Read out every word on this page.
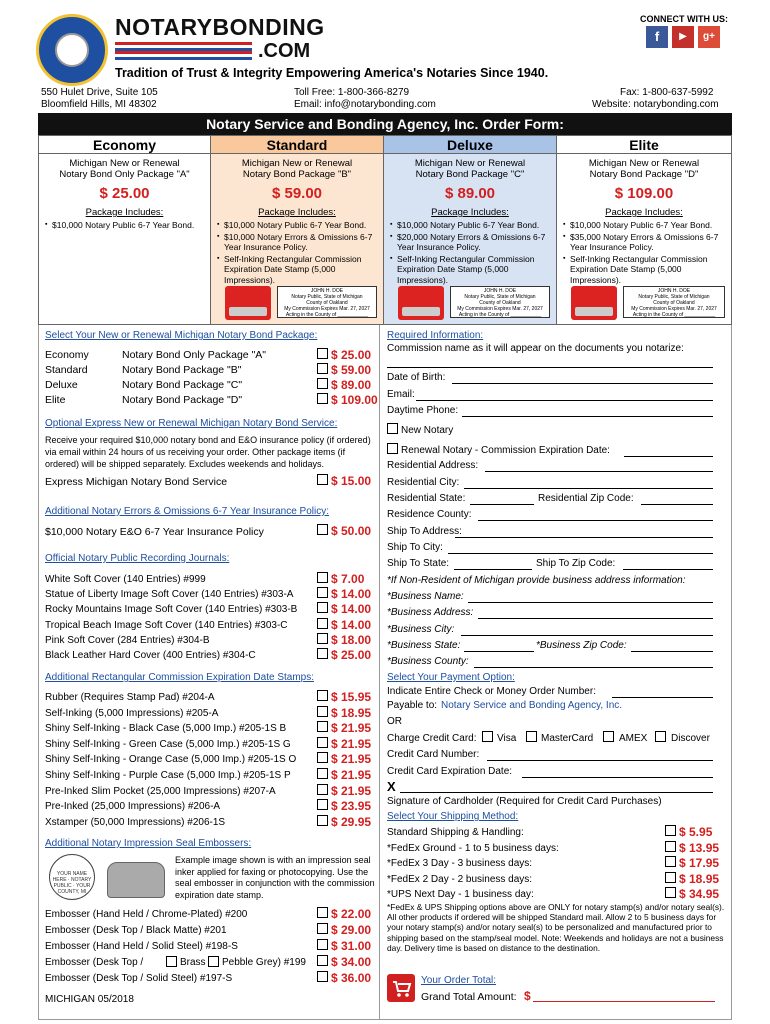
NOTARYBONDING
.COM
Tradition of Trust & Integrity Empowering America's Notaries Since 1940.
CONNECT WITH US:
f	▶	g+
550 Hulet Drive, Suite 105
Bloomfield Hills, MI 48302
Toll Free: 1-800-366-8279
Email: info@notarybonding.com
Fax: 1-800-637-5992
Website: notarybonding.com
Notary Service and Bonding Agency, Inc. Order Form:
Economy
Michigan New or Renewal
Notary Bond Only Package "A"
$ 25.00
Package Includes:
▪ $10,000 Notary Public 6-7 Year Bond.
Standard
Michigan New or Renewal
Notary Bond Package "B"
$ 59.00
Package Includes:
▪ $10,000 Notary Public 6-7 Year Bond.
▪ $10,000 Notary Errors & Omissions 6-7 Year Insurance Policy.
▪ Self-Inking Rectangular Commission Expiration Date Stamp (5,000 Impressions).
JOHN H. DOE
Notary Public, State of Michigan
County of Oakland
My Commission Expires Mar. 27, 2027
Acting in the County of ___________
Deluxe
Michigan New or Renewal
Notary Bond Package "C"
$ 89.00
Package Includes:
▪ $10,000 Notary Public 6-7 Year Bond.
▪ $20,000 Notary Errors & Omissions 6-7 Year Insurance Policy.
▪ Self-Inking Rectangular Commission Expiration Date Stamp (5,000 Impressions).
JOHN H. DOE
Notary Public, State of Michigan
County of Oakland
My Commission Expires Mar. 27, 2027
Acting in the County of ___________
Elite
Michigan New or Renewal
Notary Bond Package "D"
$ 109.00
Package Includes:
▪ $10,000 Notary Public 6-7 Year Bond.
▪ $35,000 Notary Errors & Omissions 6-7 Year Insurance Policy.
▪ Self-Inking Rectangular Commission Expiration Date Stamp (5,000 Impressions).
JOHN H. DOE
Notary Public, State of Michigan
County of Oakland
My Commission Expires Mar. 27, 2027
Acting in the County of ___________
Select Your New or Renewal Michigan Notary Bond Package:
Economy	Notary Bond Only Package "A"	$ 25.00
Standard	Notary Bond Package "B"	$ 59.00
Deluxe	Notary Bond Package "C"	$ 89.00
Elite	Notary Bond Package "D"	$ 109.00
Optional Express New or Renewal Michigan Notary Bond Service:
Receive your required $10,000 notary bond and E&O insurance policy (if ordered) via email within 24 hours of us receiving your order. Other package items (if ordered) will be shipped separately. Excludes weekends and holidays.
Express Michigan Notary Bond Service	$ 15.00
Additional Notary Errors & Omissions 6-7 Year Insurance Policy:
$10,000 Notary E&O 6-7 Year Insurance Policy	$ 50.00
Official Notary Public Recording Journals:
White Soft Cover (140 Entries) #999	$ 7.00
Statue of Liberty Image Soft Cover (140 Entries) #303-A	$ 14.00
Rocky Mountains Image Soft Cover (140 Entries) #303-B	$ 14.00
Tropical Beach Image Soft Cover (140 Entries) #303-C	$ 14.00
Pink Soft Cover (284 Entries) #304-B	$ 18.00
Black Leather Hard Cover (400 Entries) #304-C	$ 25.00
Additional Rectangular Commission Expiration Date Stamps:
Rubber (Requires Stamp Pad) #204-A	$ 15.95
Self-Inking (5,000 Impressions) #205-A	$ 18.95
Shiny Self-Inking - Black Case (5,000 Imp.) #205-1S B	$ 21.95
Shiny Self-Inking - Green Case (5,000 Imp.) #205-1S G	$ 21.95
Shiny Self-Inking - Orange Case (5,000 Imp.) #205-1S O	$ 21.95
Shiny Self-Inking - Purple Case (5,000 Imp.) #205-1S P	$ 21.95
Pre-Inked Slim Pocket (25,000 Impressions) #207-A	$ 21.95
Pre-Inked (25,000 Impressions) #206-A	$ 23.95
Xstamper (50,000 Impressions) #206-1S	$ 29.95
Additional Notary Impression Seal Embossers:
YOUR NAME HERE · NOTARY PUBLIC · YOUR COUNTY, MI
Example image shown is with an impression seal inker applied for faxing or photocopying. Use the seal embosser in conjunction with the commission expiration date stamp.
Embosser (Hand Held / Chrome-Plated) #200	$ 22.00
Embosser (Desk Top / Black Matte) #201	$ 29.00
Embosser (Hand Held / Solid Steel) #198-S	$ 31.00
Embosser (Desk Top /	Brass Pebble Grey) #199 $ 34.00
Embosser (Desk Top / Solid Steel) #197-S	$ 36.00
MICHIGAN 05/2018
Required Information:
Commission name as it will appear on the documents you notarize:
Date of Birth:
Email:
Daytime Phone:
New Notary
Renewal Notary - Commission Expiration Date:
Residential Address:
Residential City:
Residential State:	Residential Zip Code:
Residence County:
Ship To Address:
Ship To City:
Ship To State:	Ship To Zip Code:
*If Non-Resident of Michigan provide business address information:
*Business Name:
*Business Address:
*Business City:
*Business State:	*Business Zip Code:
*Business County:
Select Your Payment Option:
Indicate Entire Check or Money Order Number:
Payable to: Notary Service and Bonding Agency, Inc.
OR
Charge Credit Card: Visa MasterCard	AMEX Discover
Credit Card Number:
Credit Card Expiration Date:
X
Signature of Cardholder (Required for Credit Card Purchases)
Select Your Shipping Method:
Standard Shipping & Handling:	$ 5.95
*FedEx Ground - 1 to 5 business days:	$ 13.95
*FedEx 3 Day - 3 business days:	$ 17.95
*FedEx 2 Day - 2 business days:	$ 18.95
*UPS Next Day - 1 business day:	$ 34.95
*FedEx & UPS Shipping options above are ONLY for notary stamp(s) and/or notary seal(s). All other products if ordered will be shipped Standard mail. Allow 2 to 5 business days for your notary stamp(s) and/or notary seal(s) to be personalized and manufactured prior to shipping based on the stamp/seal model. Note: Weekends and holidays are not a business day. Delivery time is based on distance to the destination.
Your Order Total:
Grand Total Amount: $
